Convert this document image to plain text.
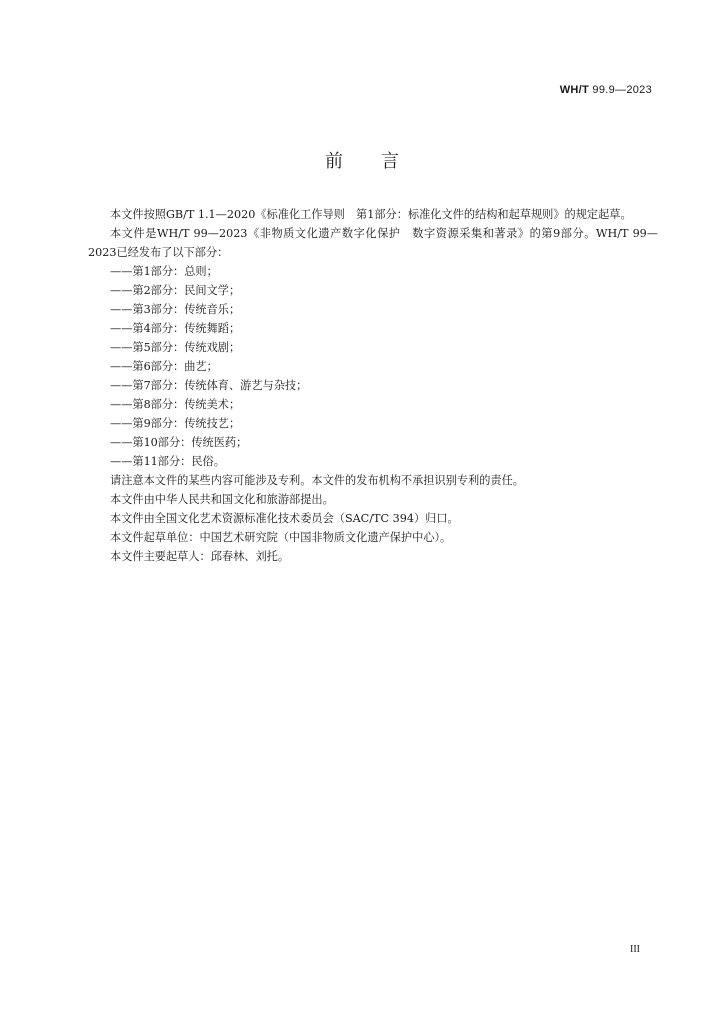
WH/T 99.9—2023
前言

本文件按照GB/T 1.1—2020《标准化工作导则　第1部分：标准化文件的结构和起草规则》的规定起草。

本文件是WH/T 99—2023《非物质文化遗产数字化保护　数字资源采集和著录》的第9部分。WH/T 99—2023已经发布了以下部分：

——第1部分：总则；

——第2部分：民间文学；

——第3部分：传统音乐；

——第4部分：传统舞蹈；

——第5部分：传统戏剧；

——第6部分：曲艺；

——第7部分：传统体育、游艺与杂技；

——第8部分：传统美术；

——第9部分：传统技艺；

——第10部分：传统医药；

——第11部分：民俗。

请注意本文件的某些内容可能涉及专利。本文件的发布机构不承担识别专利的责任。

本文件由中华人民共和国文化和旅游部提出。

本文件由全国文化艺术资源标准化技术委员会（SAC/TC 394）归口。

本文件起草单位：中国艺术研究院（中国非物质文化遗产保护中心）。

本文件主要起草人：邱春林、刘托。

III
